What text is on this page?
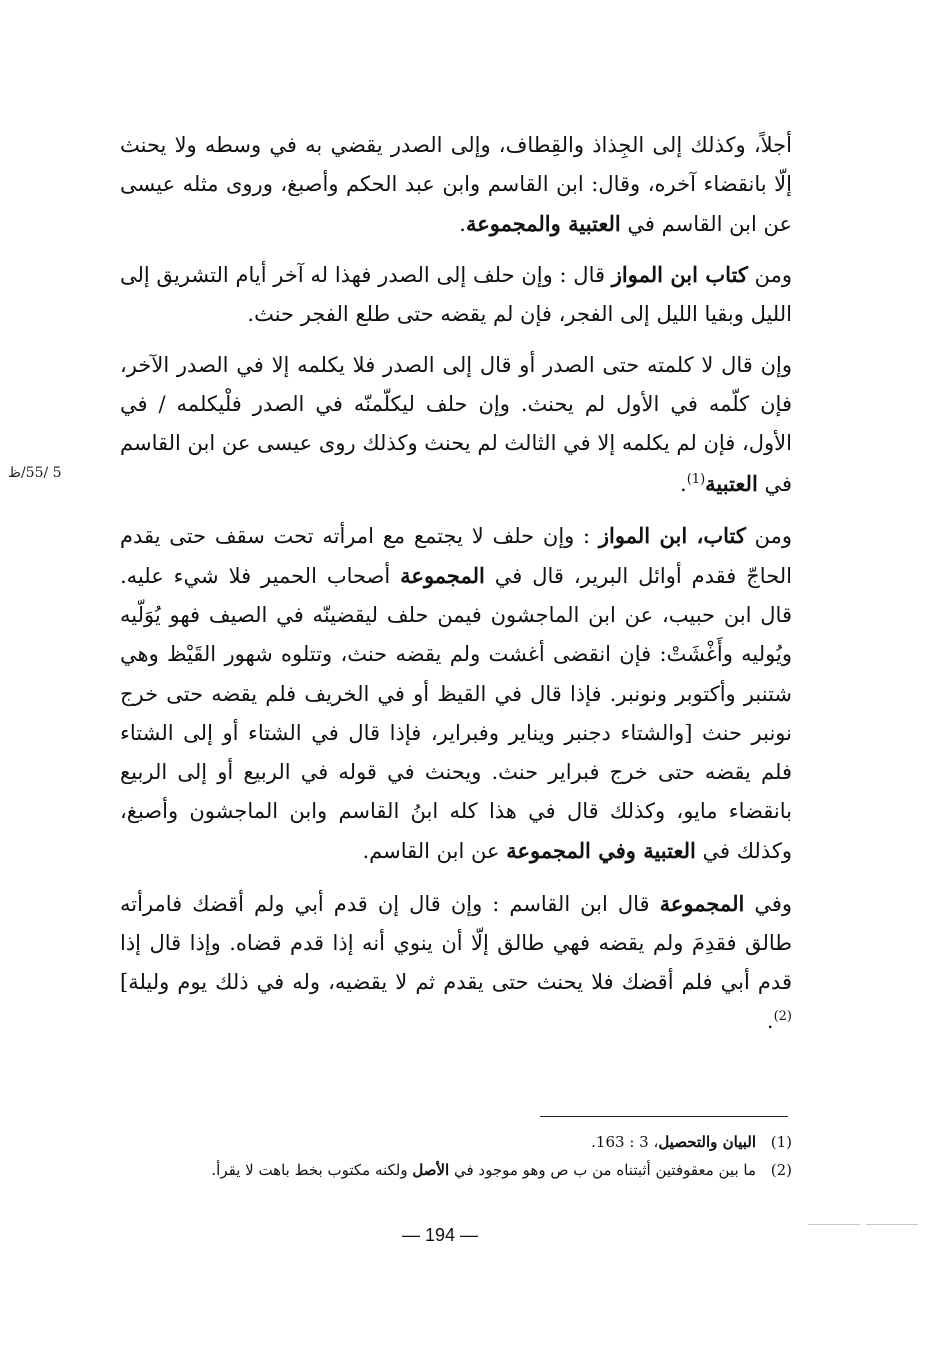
أجلاً، وكذلك إلى الجِذاذ والقِطاف، وإلى الصدر يقضي به في وسطه ولا يحنث إلّا بانقضاء آخره، وقال: ابن القاسم وابن عبد الحكم وأصبغ، وروى مثله عيسى عن ابن القاسم في العتبية والمجموعة.

ومن كتاب ابن المواز قال : وإن حلف إلى الصدر فهذا له آخر أيام التشريق إلى الليل وبقيا الليل إلى الفجر، فإن لم يقضه حتى طلع الفجر حنث.

وإن قال لا كلمته حتى الصدر أو قال إلى الصدر فلا يكلمه إلا في الصدر الآخر، فإن كلّمه في الأول لم يحنث. وإن حلف ليكلّمنّه في الصدر فلْيكلمه / في الأول، فإن لم يكلمه إلا في الثالث لم يحنث وكذلك روى عيسى عن ابن القاسم في العتبية$^{(1)}$.

ومن كتاب، ابن المواز : وإن حلف لا يجتمع مع امرأته تحت سقف حتى يقدم الحاجّ فقدم أوائل البرير، قال في المجموعة أصحاب الحمير فلا شيء عليه. قال ابن حبيب، عن ابن الماجشون فيمن حلف ليقضينّه في الصيف فهو يُوَلّيه ويُوليه وأَغْشَتْ: فإن انقضى أغشت ولم يقضه حنث، وتتلوه شهور القَيْظ وهي شتنبر وأكتوبر ونونبر. فإذا قال في القيظ أو في الخريف فلم يقضه حتى خرج نونبر حنث [والشتاء دجنبر ويناير وفبراير، فإذا قال في الشتاء أو إلى الشتاء فلم يقضه حتى خرج فبراير حنث. ويحنث في قوله في الربيع أو إلى الربيع بانقضاء مايو، وكذلك قال في هذا كله ابنُ القاسم وابن الماجشون وأصبغ، وكذلك في العتبية وفي المجموعة عن ابن القاسم.

وفي المجموعة قال ابن القاسم : وإن قال إن قدم أبي ولم أقضك فامرأته طالق فقدِمَ ولم يقضه فهي طالق إلّا أن ينوي أنه إذا قدم قضاه. وإذا قال إذا قدم أبي فلم أقضك فلا يحنث حتى يقدم ثم لا يقضيه، وله في ذلك يوم وليلة]$^{(2)}$.

5 /55/ظ
(1)
البيان والتحصيل، 3 : 163.
(2)
ما بين معقوفتين أثبتناه من ب ص وهو موجود في الأصل ولكنه مكتوب بخط باهت لا يقرأ.
— 194 —
